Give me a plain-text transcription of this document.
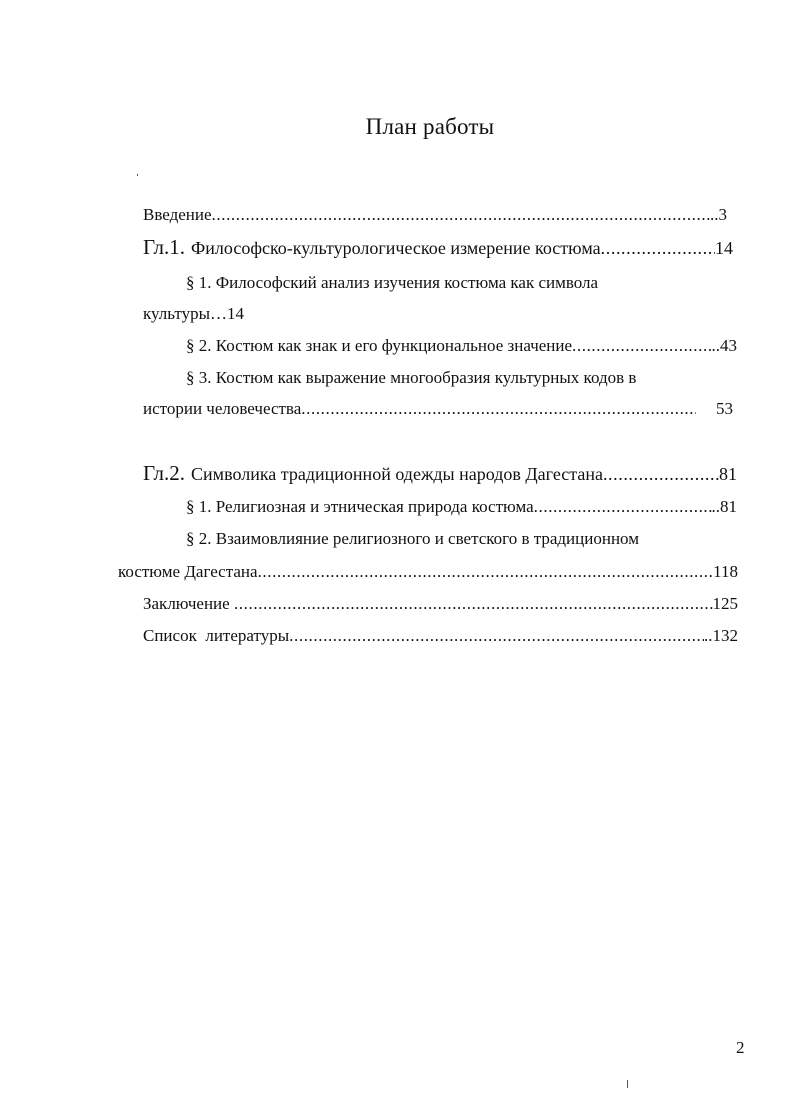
План работы
Введение .....	..3
Гл.1. Философско-культурологическое измерение костюма .....	14
§ 1. Философский анализ изучения костюма как символа
культуры…14
§ 2. Костюм как знак и его функциональное значение .....	..43
§ 3. Костюм как выражение многообразия культурных кодов в
истории человечества .....	53
Гл.2. Символика традиционной одежды народов Дагестана .....	81
§ 1. Религиозная и этническая природа костюма .....	..81
§ 2. Взаимовлияние религиозного и светского в традиционном
костюме Дагестана .....	118
Заключение .....	125
Список  литературы .....	..132
2
